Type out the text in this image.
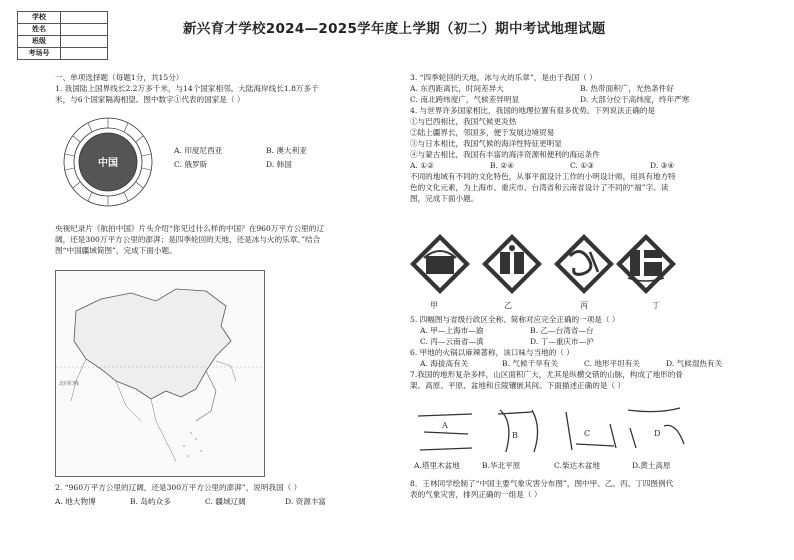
学校	
姓名	
班级	
考场号	
新兴育才学校2024—2025学年度上学期（初二）期中考试地理试题
一、单项选择题（每题1分，共15分）
1. 我国陆上国界线长2.2万多千米，与14个国家相邻。大陆海岸线长1.8万多千
米，与6个国家隔海相望。图中数字①代表的国家是（ ）
中国
A. 印度尼西亚	B. 澳大利亚
C. 俄罗斯	D. 韩国
央视纪录片《航拍中国》片头介绍“你见过什么样的中国？在960万平方公里的辽
阔，还是300万平方公里的澎湃；是四季轮回的天地，还是冰与火的乐章。”结合
图“中国疆域简图”，完成下面小题。
北回归线
2. “960万平方公里的辽阔，还是300万平方公里的澎湃”，说明我国（ ）
A. 地大物博	B. 岛屿众多	C. 疆域辽阔	D. 资源丰富
3. “四季轮回的天地，冰与火的乐章”，是由于我国（ ）
A. 东西距离长，时间差异大	B. 热带面积广，光热条件好
C. 南北跨纬度广，气候差异明显	D. 大部分位于高纬度，终年严寒
4. 与世界许多国家相比，我国的地理位置有很多优势。下列说法正确的是
①与巴西相比，我国气候更炎热
②陆上疆界长，邻国多，便于发展边境贸易
③与日本相比，我国气候的海洋性特征更明显
④与蒙古相比，我国有丰富的海洋资源和便利的海运条件
A. ①②	B. ②④	C. ①③	D. ③④
不同的地域有不同的文化特色，从事平面设计工作的小明设计师，用具有地方特
色的文化元素，为上海市、重庆市、台湾省和云南省设计了不同的“福”字。读
图，完成下面小题。
甲	乙	丙	丁
5. 四幅图与省级行政区全称、简称对应完全正确的一项是（ ）
A. 甲—上海市—渝	B. 乙—台湾省—台
C. 丙—云南省—滇	D. 丁—重庆市—沪
6. 甲地的火锅以麻辣著称，该口味与当地的（ ）
A. 海拔高有关	B. 气候干旱有关	C. 地形平坦有关	D. 气候湿热有关
7.我国的地形复杂多样，山区面积广大，尤其是纵横交错的山脉，构成了地形的骨
架。高原、平原、盆地和丘陵镶嵌其间。下面描述正确的是（ ）
A
B	C	D
A.塔里木盆地	B.华北平原	C.柴达木盆地	D.黄土高原
8．王林同学绘制了“中国主要气象灾害分布图”，图中甲、乙、丙、丁四图例代
表的气象灾害，排列正确的一组是（ ）
